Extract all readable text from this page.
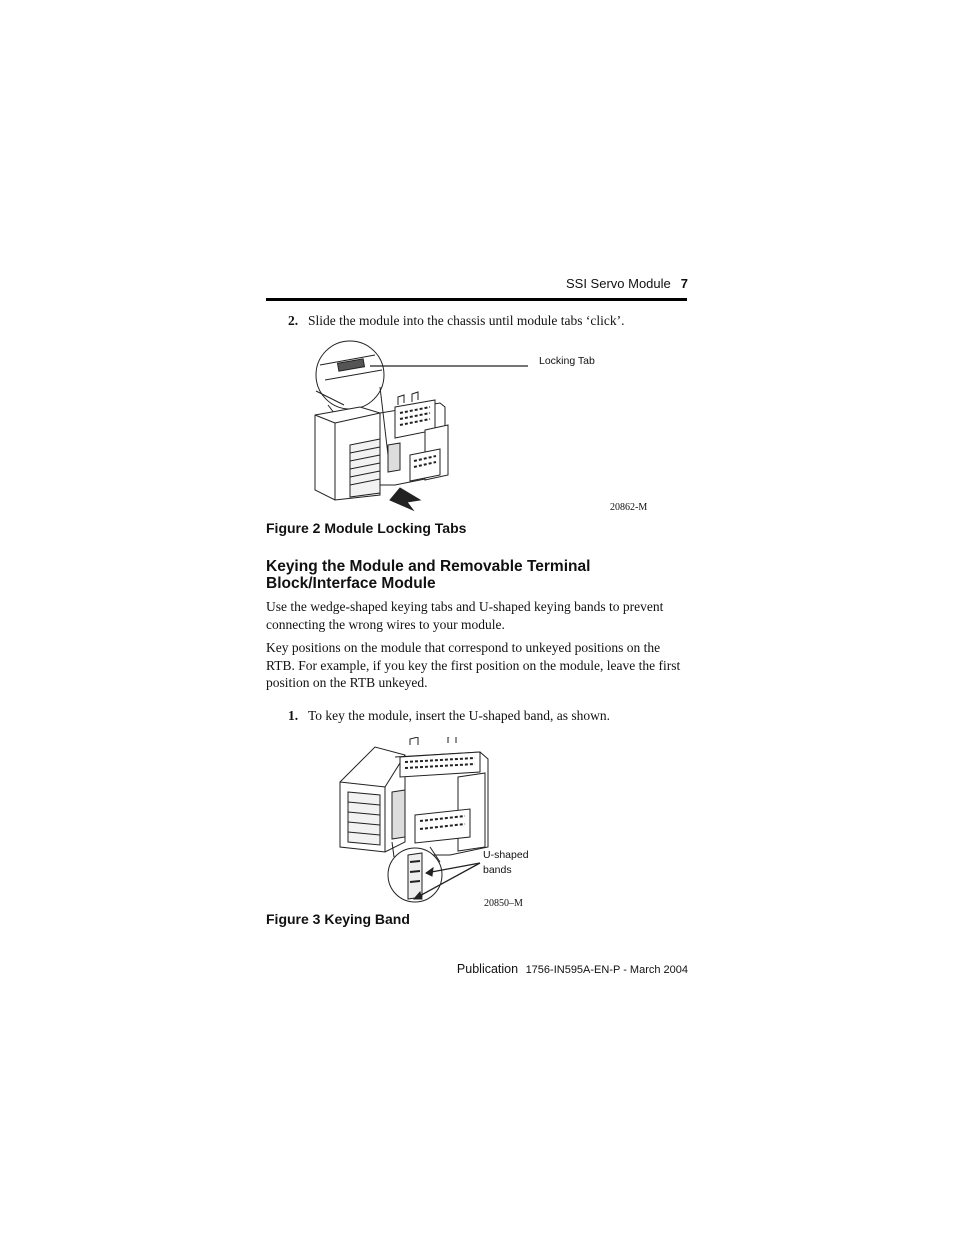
SSI Servo Module 7
2. Slide the module into the chassis until module tabs ‘click’.
Locking Tab
20862-M
Figure 2 Module Locking Tabs
Keying the Module and Removable Terminal Block/Interface Module
Use the wedge-shaped keying tabs and U-shaped keying bands to prevent connecting the wrong wires to your module.
Key positions on the module that correspond to unkeyed positions on the RTB. For example, if you key the first position on the module, leave the first position on the RTB unkeyed.
1. To key the module, insert the U-shaped band, as shown.
U-shaped
bands
20850–M
Figure 3 Keying Band
Publication 1756-IN595A-EN-P - March 2004
